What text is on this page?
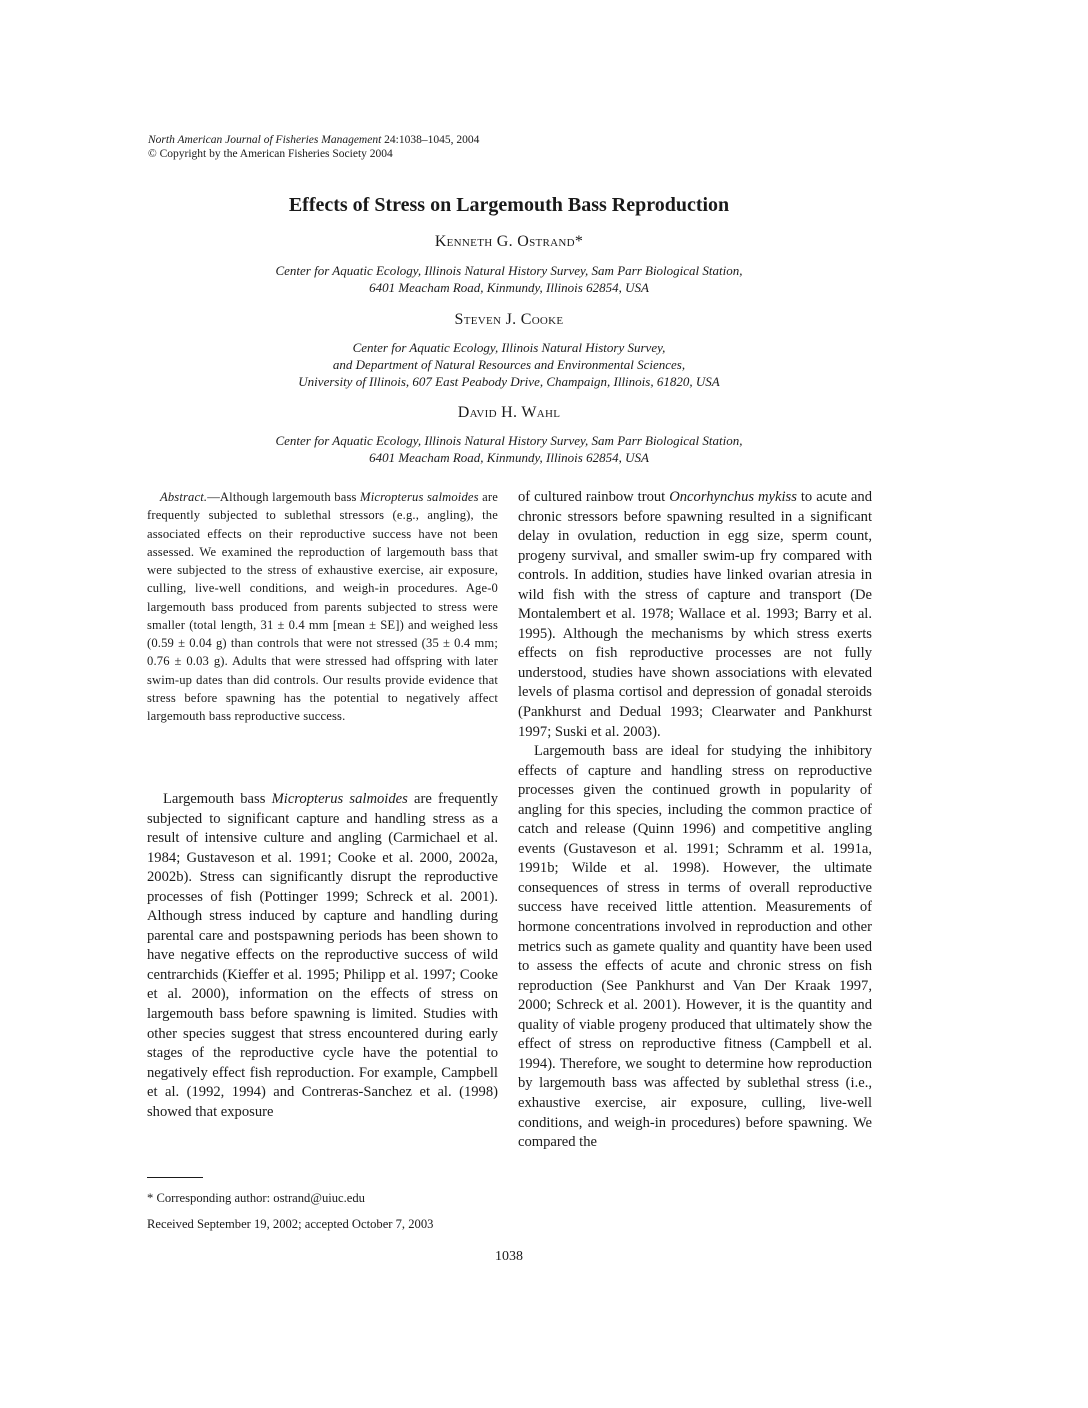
North American Journal of Fisheries Management 24:1038–1045, 2004
© Copyright by the American Fisheries Society 2004
Effects of Stress on Largemouth Bass Reproduction
Kenneth G. Ostrand*
Center for Aquatic Ecology, Illinois Natural History Survey, Sam Parr Biological Station,
6401 Meacham Road, Kinmundy, Illinois 62854, USA
Steven J. Cooke
Center for Aquatic Ecology, Illinois Natural History Survey,
and Department of Natural Resources and Environmental Sciences,
University of Illinois, 607 East Peabody Drive, Champaign, Illinois, 61820, USA
David H. Wahl
Center for Aquatic Ecology, Illinois Natural History Survey, Sam Parr Biological Station,
6401 Meacham Road, Kinmundy, Illinois 62854, USA

Abstract.—Although largemouth bass Micropterus salmoides are frequently subjected to sublethal stressors (e.g., angling), the associated effects on their reproductive success have not been assessed. We examined the reproduction of largemouth bass that were subjected to the stress of exhaustive exercise, air exposure, culling, live-well conditions, and weigh-in procedures. Age-0 largemouth bass produced from parents subjected to stress were smaller (total length, 31 ± 0.4 mm [mean ± SE]) and weighed less (0.59 ± 0.04 g) than controls that were not stressed (35 ± 0.4 mm; 0.76 ± 0.03 g). Adults that were stressed had offspring with later swim-up dates than did controls. Our results provide evidence that stress before spawning has the potential to negatively affect largemouth bass reproductive success.

Largemouth bass Micropterus salmoides are frequently subjected to significant capture and handling stress as a result of intensive culture and angling (Carmichael et al. 1984; Gustaveson et al. 1991; Cooke et al. 2000, 2002a, 2002b). Stress can significantly disrupt the reproductive processes of fish (Pottinger 1999; Schreck et al. 2001). Although stress induced by capture and handling during parental care and postspawning periods has been shown to have negative effects on the reproductive success of wild centrarchids (Kieffer et al. 1995; Philipp et al. 1997; Cooke et al. 2000), information on the effects of stress on largemouth bass before spawning is limited. Studies with other species suggest that stress encountered during early stages of the reproductive cycle have the potential to negatively effect fish reproduction. For example, Campbell et al. (1992, 1994) and Contreras-Sanchez et al. (1998) showed that exposure

of cultured rainbow trout Oncorhynchus mykiss to acute and chronic stressors before spawning resulted in a significant delay in ovulation, reduction in egg size, sperm count, progeny survival, and smaller swim-up fry compared with controls. In addition, studies have linked ovarian atresia in wild fish with the stress of capture and transport (De Montalembert et al. 1978; Wallace et al. 1993; Barry et al. 1995). Although the mechanisms by which stress exerts effects on fish reproductive processes are not fully understood, studies have shown associations with elevated levels of plasma cortisol and depression of gonadal steroids (Pankhurst and Dedual 1993; Clearwater and Pankhurst 1997; Suski et al. 2003).

Largemouth bass are ideal for studying the inhibitory effects of capture and handling stress on reproductive processes given the continued growth in popularity of angling for this species, including the common practice of catch and release (Quinn 1996) and competitive angling events (Gustaveson et al. 1991; Schramm et al. 1991a, 1991b; Wilde et al. 1998). However, the ultimate consequences of stress in terms of overall reproductive success have received little attention. Measurements of hormone concentrations involved in reproduction and other metrics such as gamete quality and quantity have been used to assess the effects of acute and chronic stress on fish reproduction (See Pankhurst and Van Der Kraak 1997, 2000; Schreck et al. 2001). However, it is the quantity and quality of viable progeny produced that ultimately show the effect of stress on reproductive fitness (Campbell et al. 1994). Therefore, we sought to determine how reproduction by largemouth bass was affected by sublethal stress (i.e., exhaustive exercise, air exposure, culling, live-well conditions, and weigh-in procedures) before spawning. We compared the

* Corresponding author: ostrand@uiuc.edu
Received September 19, 2002; accepted October 7, 2003
1038
